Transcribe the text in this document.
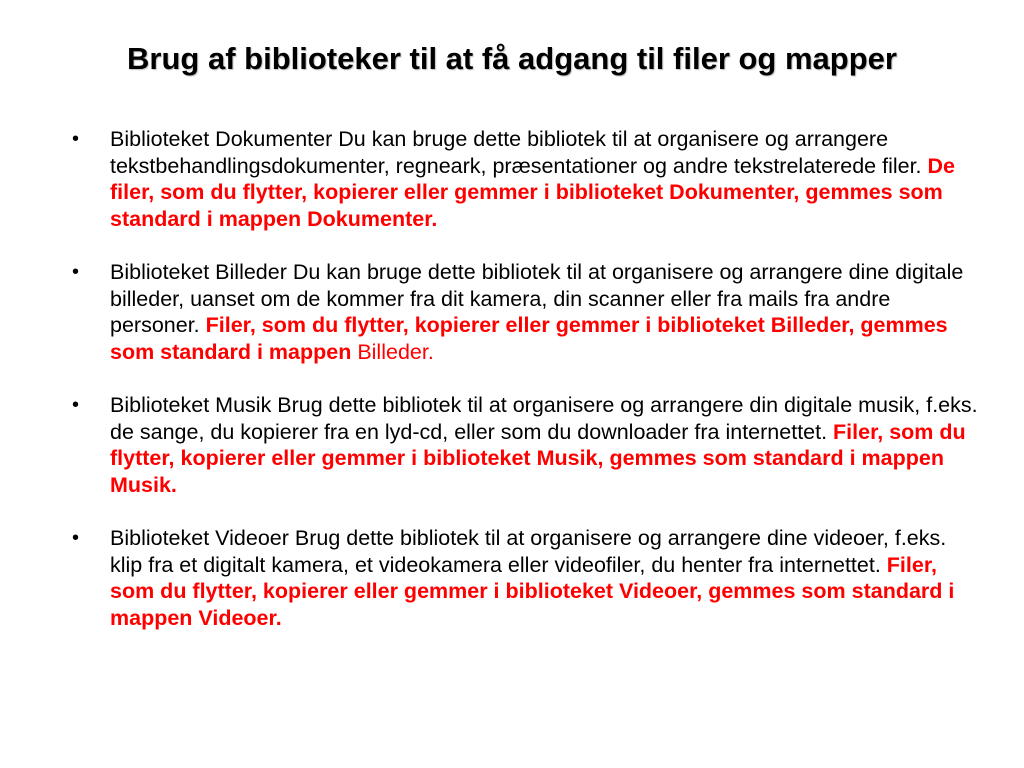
Brug af biblioteker til at få adgang til filer og mapper
• Biblioteket Dokumenter Du kan bruge dette bibliotek til at organisere og arrangere tekstbehandlingsdokumenter, regneark, præsentationer og andre tekstrelaterede filer. De filer, som du flytter, kopierer eller gemmer i biblioteket Dokumenter, gemmes som standard i mappen Dokumenter.
• Biblioteket Billeder Du kan bruge dette bibliotek til at organisere og arrangere dine digitale billeder, uanset om de kommer fra dit kamera, din scanner eller fra mails fra andre personer. Filer, som du flytter, kopierer eller gemmer i biblioteket Billeder, gemmes som standard i mappen Billeder.
• Biblioteket Musik Brug dette bibliotek til at organisere og arrangere din digitale musik, f.eks. de sange, du kopierer fra en lyd-cd, eller som du downloader fra internettet. Filer, som du flytter, kopierer eller gemmer i biblioteket Musik, gemmes som standard i mappen Musik.
• Biblioteket Videoer Brug dette bibliotek til at organisere og arrangere dine videoer, f.eks. klip fra et digitalt kamera, et videokamera eller videofiler, du henter fra internettet. Filer, som du flytter, kopierer eller gemmer i biblioteket Videoer, gemmes som standard i mappen Videoer.
